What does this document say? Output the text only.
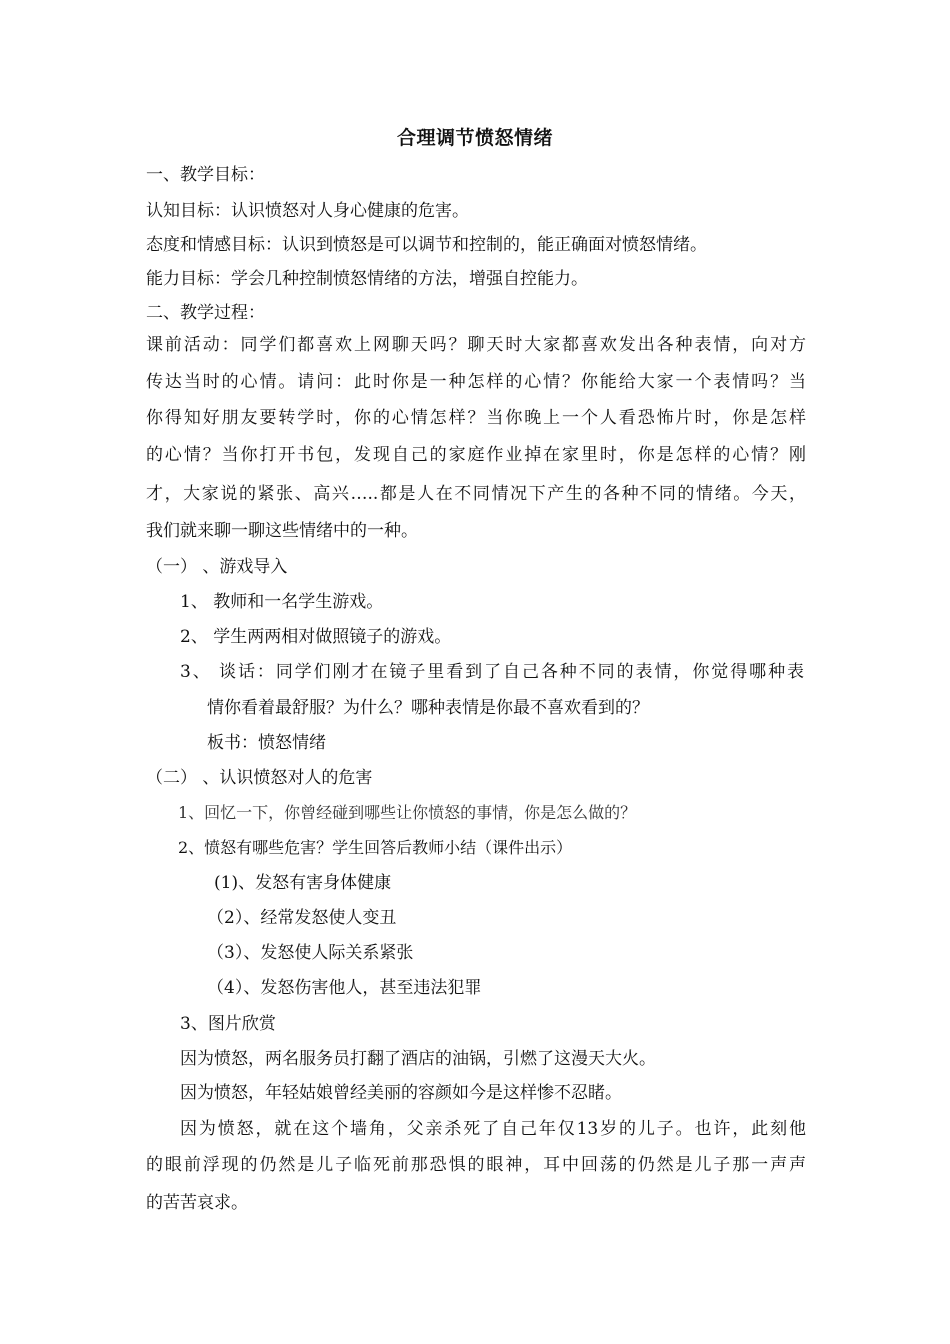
合理调节愤怒情绪
一、教学目标：
认知目标：认识愤怒对人身心健康的危害。
态度和情感目标：认识到愤怒是可以调节和控制的，能正确面对愤怒情绪。
能力目标：学会几种控制愤怒情绪的方法，增强自控能力。
二、教学过程：
课前活动：同学们都喜欢上网聊天吗？聊天时大家都喜欢发出各种表情，向对方
传达当时的心情。请问：此时你是一种怎样的心情？你能给大家一个表情吗？当
你得知好朋友要转学时，你的心情怎样？当你晚上一个人看恐怖片时，你是怎样
的心情？当你打开书包，发现自己的家庭作业掉在家里时，你是怎样的心情？刚
才，大家说的紧张、高兴…..都是人在不同情况下产生的各种不同的情绪。今天，
我们就来聊一聊这些情绪中的一种。
（一） 、游戏导入
1、 教师和一名学生游戏。
2、 学生两两相对做照镜子的游戏。
3、 谈话：同学们刚才在镜子里看到了自己各种不同的表情，你觉得哪种表
情你看着最舒服？为什么？哪种表情是你最不喜欢看到的？
板书：愤怒情绪
（二） 、认识愤怒对人的危害
1、回忆一下，你曾经碰到哪些让你愤怒的事情，你是怎么做的？
2、愤怒有哪些危害？学生回答后教师小结（课件出示）
(1)、发怒有害身体健康
（2）、经常发怒使人变丑
（3）、发怒使人际关系紧张
（4）、发怒伤害他人，甚至违法犯罪
3、图片欣赏
因为愤怒，两名服务员打翻了酒店的油锅，引燃了这漫天大火。
因为愤怒，年轻姑娘曾经美丽的容颜如今是这样惨不忍睹。
因为愤怒，就在这个墙角，父亲杀死了自己年仅13岁的儿子。也许，此刻他
的眼前浮现的仍然是儿子临死前那恐惧的眼神，耳中回荡的仍然是儿子那一声声
的苦苦哀求。
